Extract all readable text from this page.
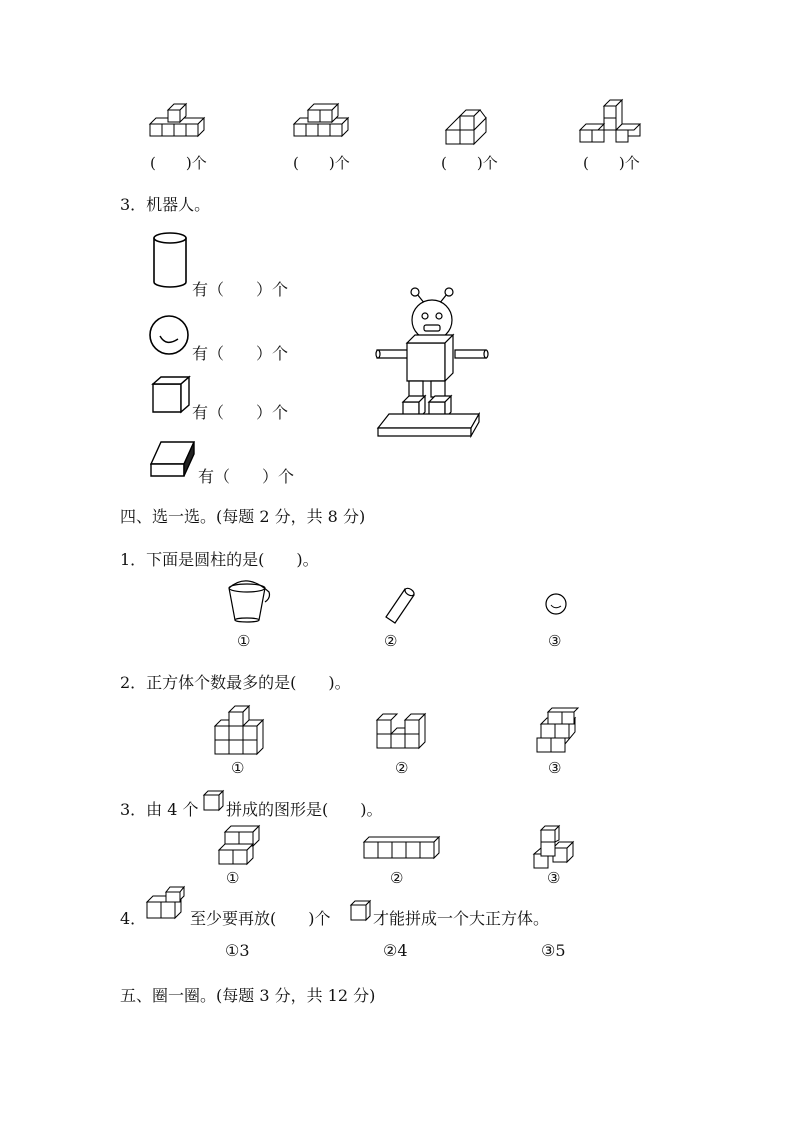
(　　)个	(　　)个	(　　)个	(　　)个
3．机器人。
有（　　）个
有（　　）个
有（　　）个
有（　　）个
四、选一选。(每题 2 分，共 8 分)
1．下面是圆柱的是(　　)。
①	②	③
2．正方体个数最多的是(　　)。
①	②	③
3．由 4 个 拼成的图形是(　　)。
①	②	③
4．	至少要再放(　　)个	才能拼成一个大正方体。
①3	②4	③5
五、圈一圈。(每题 3 分，共 12 分)
